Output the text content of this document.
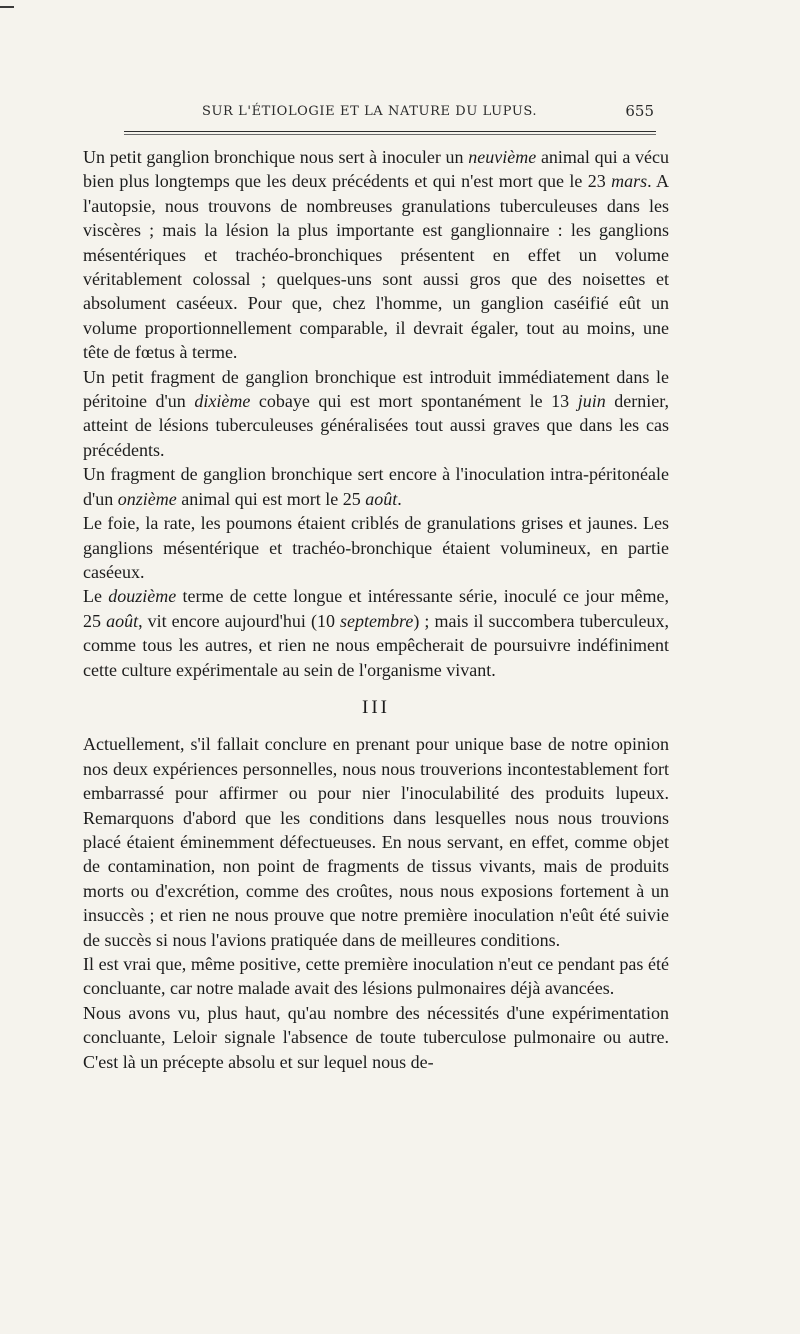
SUR L'ÉTIOLOGIE ET LA NATURE DU LUPUS.	655

Un petit ganglion bronchique nous sert à inoculer un neuvième animal qui a vécu bien plus longtemps que les deux précédents et qui n'est mort que le 23 mars. A l'autopsie, nous trouvons de nombreuses granulations tuberculeuses dans les viscères ; mais la lésion la plus importante est ganglionnaire : les ganglions mésentériques et trachéo-bronchiques présentent en effet un volume véritablement colossal ; quelques-uns sont aussi gros que des noisettes et absolument caséeux. Pour que, chez l'homme, un ganglion caséifié eût un volume proportionnellement comparable, il devrait égaler, tout au moins, une tête de fœtus à terme.

Un petit fragment de ganglion bronchique est introduit immédiatement dans le péritoine d'un dixième cobaye qui est mort spontanément le 13 juin dernier, atteint de lésions tuberculeuses généralisées tout aussi graves que dans les cas précédents.

Un fragment de ganglion bronchique sert encore à l'inoculation intra-péritonéale d'un onzième animal qui est mort le 25 août.

Le foie, la rate, les poumons étaient criblés de granulations grises et jaunes. Les ganglions mésentérique et trachéo-bronchique étaient volumineux, en partie caséeux.

Le douzième terme de cette longue et intéressante série, inoculé ce jour même, 25 août, vit encore aujourd'hui (10 septembre) ; mais il succombera tuberculeux, comme tous les autres, et rien ne nous empêcherait de poursuivre indéfiniment cette culture expérimentale au sein de l'organisme vivant.

III

Actuellement, s'il fallait conclure en prenant pour unique base de notre opinion nos deux expériences personnelles, nous nous trouverions incontestablement fort embarrassé pour affirmer ou pour nier l'inoculabilité des produits lupeux. Remarquons d'abord que les conditions dans lesquelles nous nous trouvions placé étaient éminemment défectueuses. En nous servant, en effet, comme objet de contamination, non point de fragments de tissus vivants, mais de produits morts ou d'excrétion, comme des croûtes, nous nous exposions fortement à un insuccès ; et rien ne nous prouve que notre première inoculation n'eût été suivie de succès si nous l'avions pratiquée dans de meilleures conditions.

Il est vrai que, même positive, cette première inoculation n'eut ce pendant pas été concluante, car notre malade avait des lésions pulmonaires déjà avancées.

Nous avons vu, plus haut, qu'au nombre des nécessités d'une expérimentation concluante, Leloir signale l'absence de toute tuberculose pulmonaire ou autre. C'est là un précepte absolu et sur lequel nous de-
